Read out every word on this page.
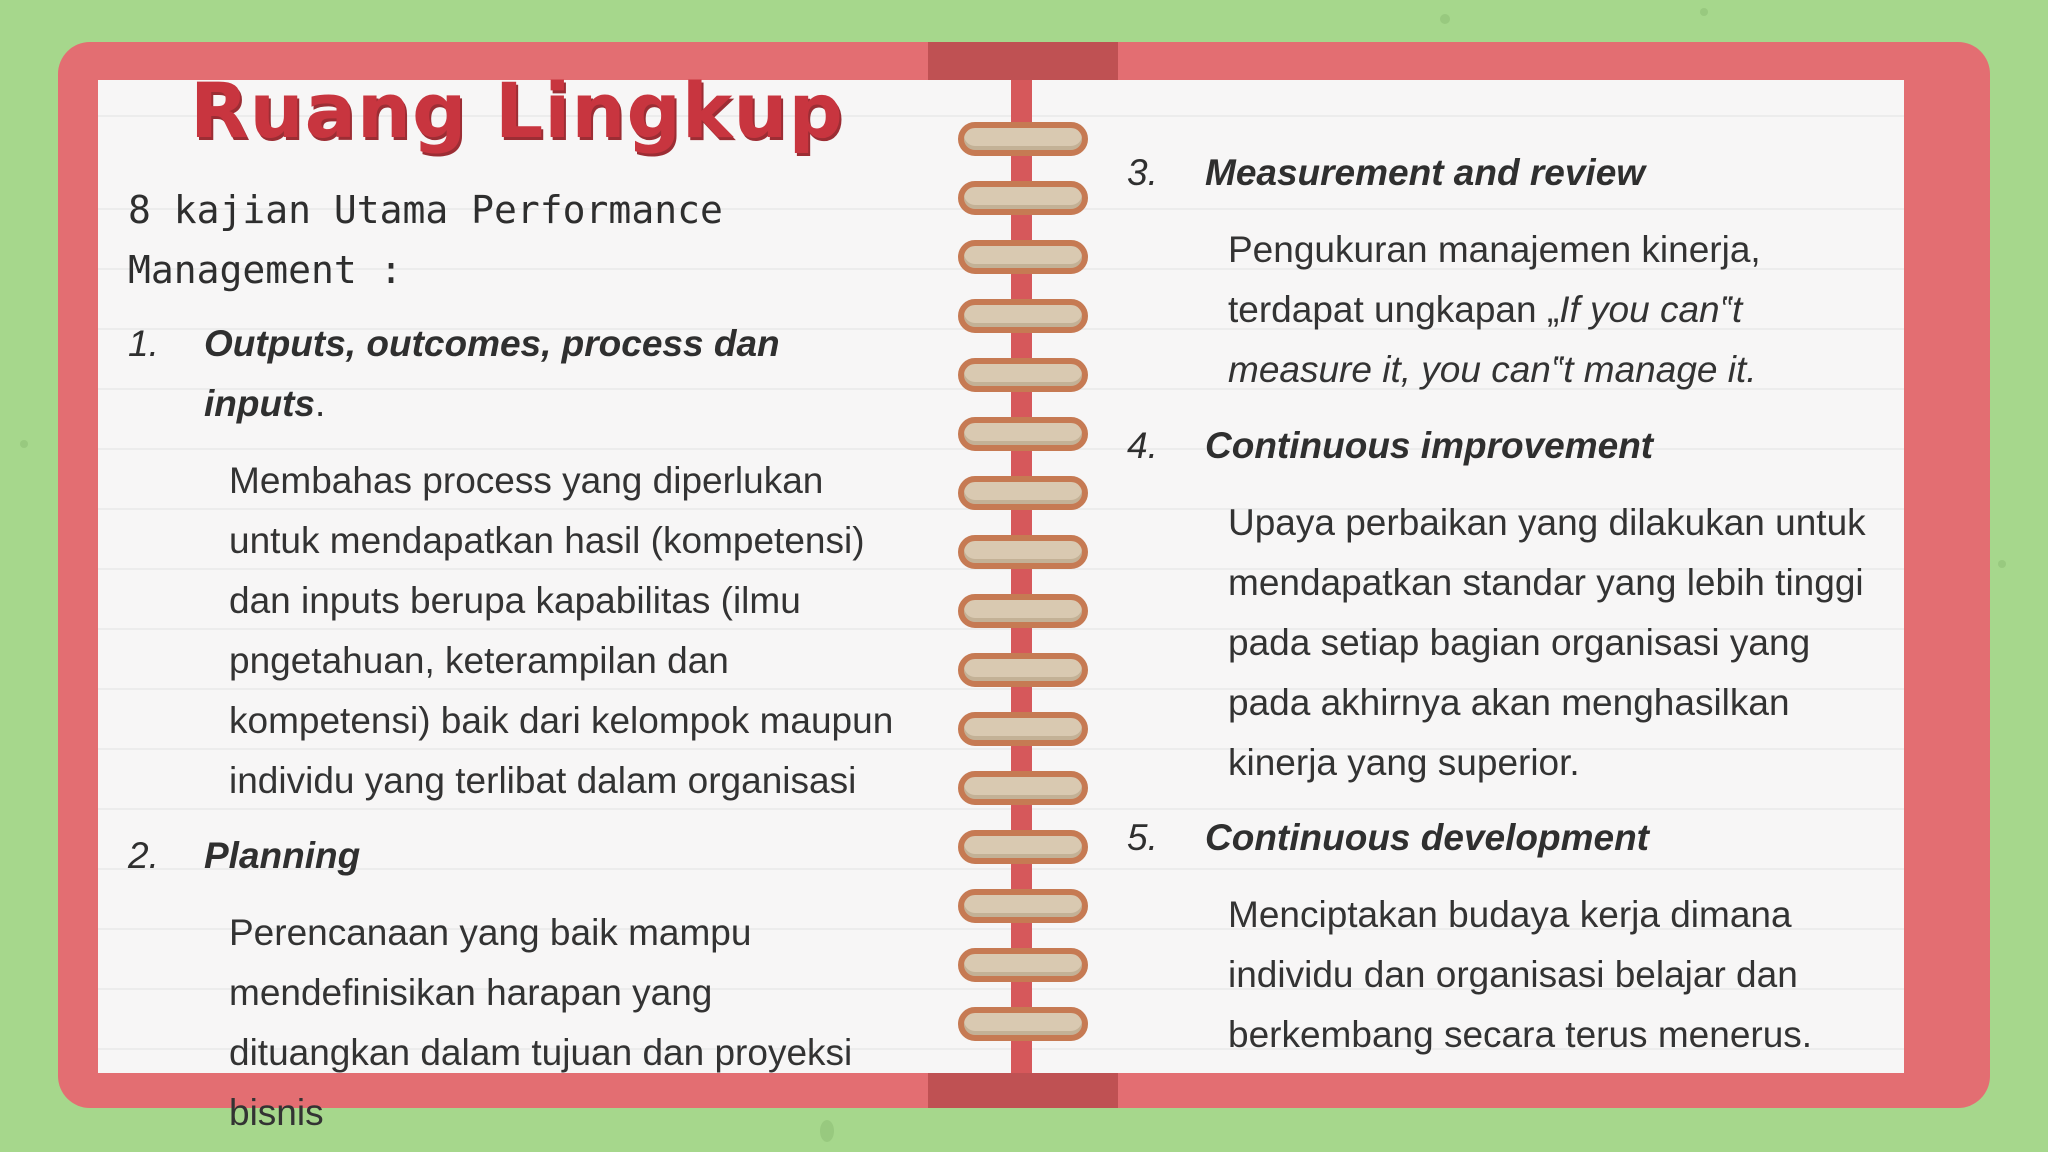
Ruang Lingkup

8 kajian Utama Performance
Management :

1. Outputs, outcomes, process dan
inputs.

Membahas process yang diperlukan
untuk mendapatkan hasil (kompetensi)
dan inputs berupa kapabilitas (ilmu
pngetahuan, keterampilan dan
kompetensi) baik dari kelompok maupun
individu yang terlibat dalam organisasi

2. Planning

Perencanaan yang baik mampu
mendefinisikan harapan yang
dituangkan dalam tujuan dan proyeksi
bisnis

3. Measurement and review

Pengukuran manajemen kinerja,
terdapat ungkapan „If you can‟t
measure it, you can‟t manage it.

4. Continuous improvement

Upaya perbaikan yang dilakukan untuk
mendapatkan standar yang lebih tinggi
pada setiap bagian organisasi yang
pada akhirnya akan menghasilkan
kinerja yang superior.

5. Continuous development

Menciptakan budaya kerja dimana
individu dan organisasi belajar dan
berkembang secara terus menerus.
